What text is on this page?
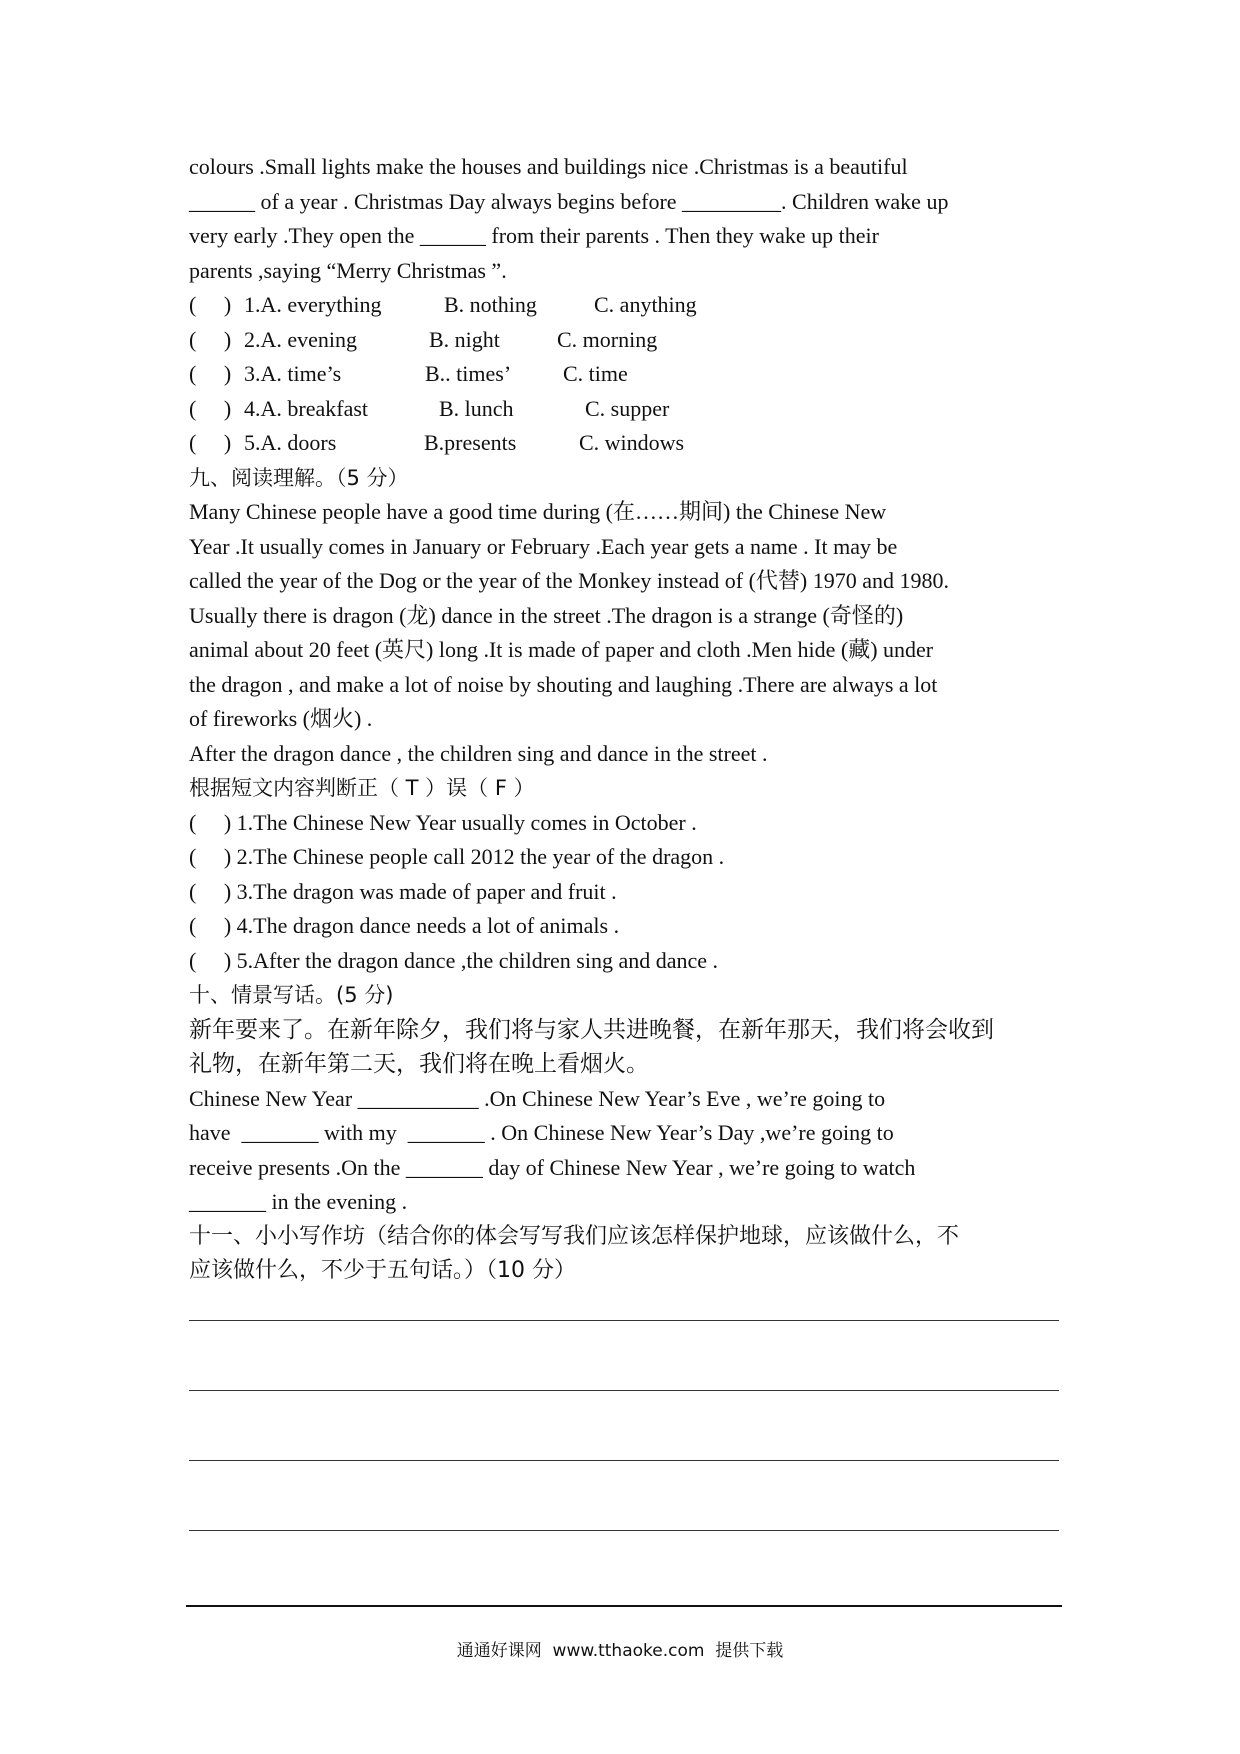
colours .Small lights make the houses and buildings nice .Christmas is a beautiful
______ of a year . Christmas Day always begins before _________. Children wake up
very early .They open the ______ from their parents . Then they wake up their
parents ,saying “Merry Christmas ”.
(     ) 1.A. everything	B. nothing	C. anything
(     ) 2.A. evening	B. night	C. morning
(     ) 3.A. time’s	B.. times’	C. time
(     ) 4.A. breakfast	B. lunch	C. supper
(     ) 5.A. doors	B.presents	C. windows
九、阅读理解。（5 分）
Many Chinese people have a good time during (在……期间) the Chinese New
Year .It usually comes in January or February .Each year gets a name . It may be
called the year of the Dog or the year of the Monkey instead of (代替) 1970 and 1980.
Usually there is dragon (龙) dance in the street .The dragon is a strange (奇怪的)
animal about 20 feet (英尺) long .It is made of paper and cloth .Men hide (藏) under
the dragon , and make a lot of noise by shouting and laughing .There are always a lot
of fireworks (烟火) .
After the dragon dance , the children sing and dance in the street .
根据短文内容判断正（ T ）误（ F ）
(     ) 1.The Chinese New Year usually comes in October .
(     ) 2.The Chinese people call 2012 the year of the dragon .
(     ) 3.The dragon was made of paper and fruit .
(     ) 4.The dragon dance needs a lot of animals .
(     ) 5.After the dragon dance ,the children sing and dance .
十、情景写话。(5 分)
新年要来了。在新年除夕，我们将与家人共进晚餐，在新年那天，我们将会收到
礼物，在新年第二天，我们将在晚上看烟火。
Chinese New Year ___________ .On Chinese New Year’s Eve , we’re going to
have  _______ with my  _______ . On Chinese New Year’s Day ,we’re going to
receive presents .On the _______ day of Chinese New Year , we’re going to watch
_______ in the evening .
十一、小小写作坊（结合你的体会写写我们应该怎样保护地球，应该做什么，不
应该做什么，不少于五句话。）（10 分）
通通好课网  www.tthaoke.com  提供下载
